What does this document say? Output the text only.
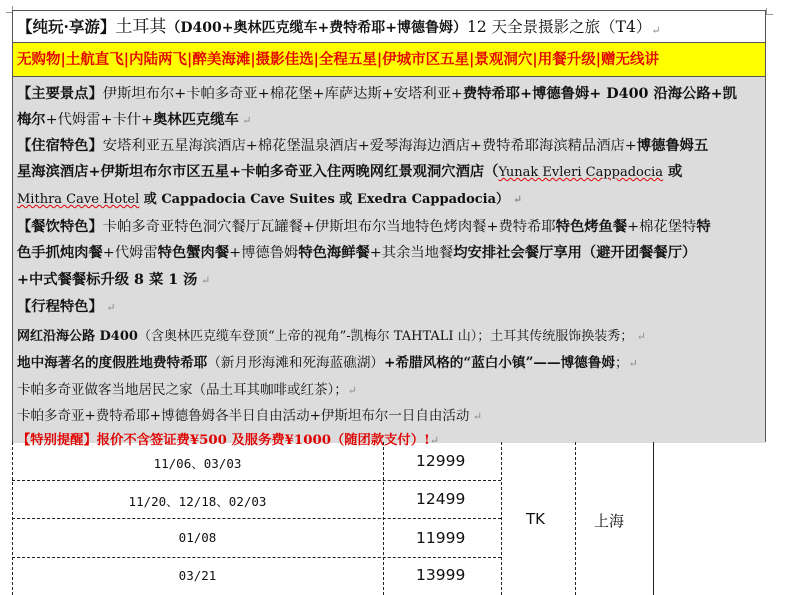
【纯玩·享游】土耳其（D400+奥林匹克缆车+费特希耶+博德鲁姆）12 天全景摄影之旅（T4）↵
无购物|土航直飞|内陆两飞|醉美海滩|摄影佳选|全程五星|伊城市区五星|景观洞穴|用餐升级|赠无线讲
【主要景点】伊斯坦布尔+卡帕多奇亚+棉花堡+库萨达斯+安塔利亚+费特希耶+博德鲁姆+ D400 沿海公路+凯
梅尔+代姆雷+卡什+奥林匹克缆车 ↵
【住宿特色】安塔利亚五星海滨酒店+棉花堡温泉酒店+爱琴海海边酒店+费特希耶海滨精品酒店+博德鲁姆五
星海滨酒店+伊斯坦布尔市区五星+卡帕多奇亚入住两晚网红景观洞穴酒店（Yunak Evleri Cappadocia 或
Mithra Cave Hotel 或 Cappadocia Cave Suites 或 Exedra Cappadocia） ↵
【餐饮特色】卡帕多奇亚特色洞穴餐厅瓦罐餐+伊斯坦布尔当地特色烤肉餐+费特希耶特色烤鱼餐+棉花堡特特
色手抓炖肉餐+代姆雷特色蟹肉餐+博德鲁姆特色海鲜餐+其余当地餐均安排社会餐厅享用（避开团餐餐厅）
+中式餐餐标升级 8 菜 1 汤 ↵
【行程特色】 ↵
网红沿海公路 D400（含奥林匹克缆车登顶“上帝的视角”-凯梅尔 TAHTALI 山）；土耳其传统服饰换装秀； ↵
地中海著名的度假胜地费特希耶（新月形海滩和死海蓝礁湖）+希腊风格的“蓝白小镇”——博德鲁姆；↵
卡帕多奇亚做客当地居民之家（品土耳其咖啡或红茶）；↵
卡帕多奇亚+费特希耶+博德鲁姆各半日自由活动+伊斯坦布尔一日自由活动 ↵
【特别提醒】报价不含签证费¥500 及服务费¥1000（随团款支付）!↵
11/06、03/03
11/20、12/18、02/03
01/08
03/21
12999
12499
11999
13999
TK	上海
